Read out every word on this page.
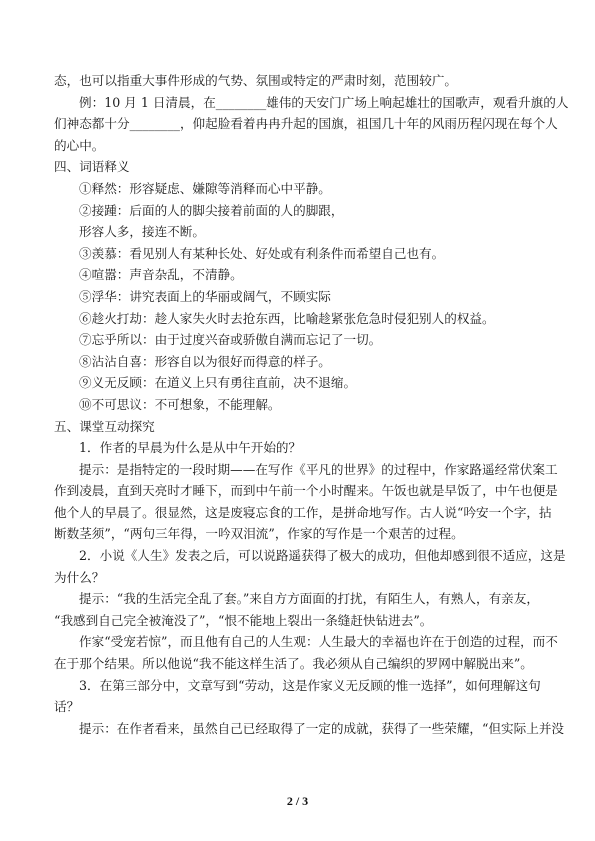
态，也可以指重大事件形成的气势、氛围或特定的严肃时刻，范围较广。
例：10 月 1 日清晨，在________雄伟的天安门广场上响起雄壮的国歌声，观看升旗的人
们神态都十分________，仰起脸看着冉冉升起的国旗，祖国几十年的风雨历程闪现在每个人
的心中。
四、词语释义
①释然：形容疑虑、嫌隙等消释而心中平静。
②接踵：后面的人的脚尖接着前面的人的脚跟，
形容人多，接连不断。
③羡慕：看见别人有某种长处、好处或有利条件而希望自己也有。
④喧嚣：声音杂乱，不清静。
⑤浮华：讲究表面上的华丽或阔气，不顾实际
⑥趁火打劫：趁人家失火时去抢东西，比喻趁紧张危急时侵犯别人的权益。
⑦忘乎所以：由于过度兴奋或骄傲自满而忘记了一切。
⑧沾沾自喜：形容自以为很好而得意的样子。
⑨义无反顾：在道义上只有勇往直前，决不退缩。
⑩不可思议：不可想象，不能理解。
五、课堂互动探究
1．作者的早晨为什么是从中午开始的？
提示：是指特定的一段时期——在写作《平凡的世界》的过程中，作家路遥经常伏案工
作到凌晨，直到天亮时才睡下，而到中午前一个小时醒来。午饭也就是早饭了，中午也便是
他个人的早晨了。很显然，这是废寝忘食的工作，是拼命地写作。古人说“吟安一个字，拈
断数茎须”，“两句三年得，一吟双泪流”，作家的写作是一个艰苦的过程。
2．小说《人生》发表之后，可以说路遥获得了极大的成功，但他却感到很不适应，这是
为什么？
提示：“我的生活完全乱了套。”来自方方面面的打扰，有陌生人，有熟人，有亲友，
“我感到自己完全被淹没了”，“恨不能地上裂出一条缝赶快钻进去”。
作家“受宠若惊”，而且他有自己的人生观：人生最大的幸福也许在于创造的过程，而不
在于那个结果。所以他说“我不能这样生活了。我必须从自己编织的罗网中解脱出来”。
3．在第三部分中，文章写到“劳动，这是作家义无反顾的惟一选择”，如何理解这句
话？
提示：在作者看来，虽然自己已经取得了一定的成就，获得了一些荣耀，“但实际上并没
2 / 3
